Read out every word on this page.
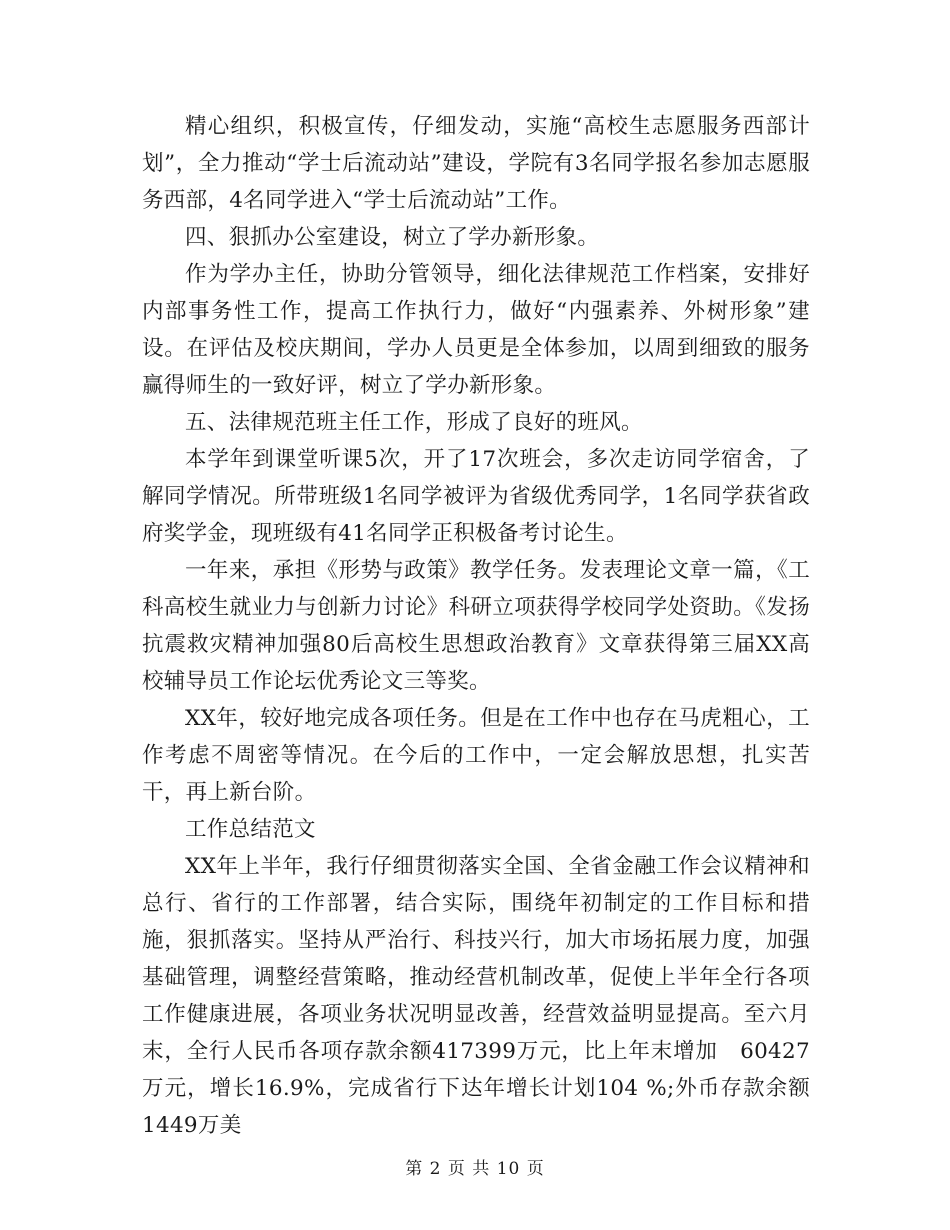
精心组织，积极宣传，仔细发动，实施“高校生志愿服务西部计划”，全力推动“学士后流动站”建设，学院有3名同学报名参加志愿服务西部，4名同学进入“学士后流动站”工作。

四、狠抓办公室建设，树立了学办新形象。

作为学办主任，协助分管领导，细化法律规范工作档案，安排好内部事务性工作，提高工作执行力，做好“内强素养、外树形象”建设。在评估及校庆期间，学办人员更是全体参加，以周到细致的服务赢得师生的一致好评，树立了学办新形象。

五、法律规范班主任工作，形成了良好的班风。

本学年到课堂听课5次，开了17次班会，多次走访同学宿舍，了解同学情况。所带班级1名同学被评为省级优秀同学，1名同学获省政府奖学金，现班级有41名同学正积极备考讨论生。

一年来，承担《形势与政策》教学任务。发表理论文章一篇，《工科高校生就业力与创新力讨论》科研立项获得学校同学处资助。《发扬抗震救灾精神加强80后高校生思想政治教育》文章获得第三届XX高校辅导员工作论坛优秀论文三等奖。

XX年，较好地完成各项任务。但是在工作中也存在马虎粗心，工作考虑不周密等情况。在今后的工作中，一定会解放思想，扎实苦干，再上新台阶。

工作总结范文

XX年上半年，我行仔细贯彻落实全国、全省金融工作会议精神和总行、省行的工作部署，结合实际，围绕年初制定的工作目标和措施，狠抓落实。坚持从严治行、科技兴行，加大市场拓展力度，加强基础管理，调整经营策略，推动经营机制改革，促使上半年全行各项工作健康进展，各项业务状况明显改善，经营效益明显提高。至六月末，全行人民币各项存款余额417399万元，比上年末增加　60427万元，增长16.9%，完成省行下达年增长计划104 %;外币存款余额1449万美

第 2 页 共 10 页
